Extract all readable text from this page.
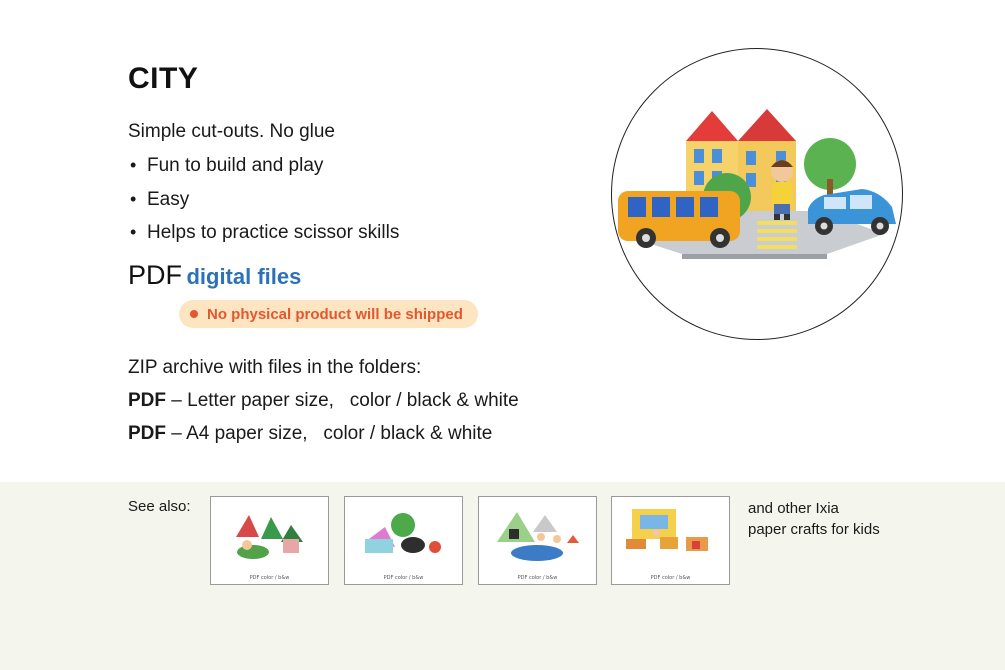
CITY
Simple cut-outs. No glue
• Fun to build and play
• Easy
• Helps to practice scissor skills
PDF digital files
No physical product will be shipped
ZIP archive with files in the folders:
PDF – Letter paper size,   color / black & white
PDF – A4 paper size,   color / black & white
See also:
PDF color / b&w	PDF color / b&w	PDF color / b&w	PDF color / b&w
and other Ixia
paper crafts for kids
